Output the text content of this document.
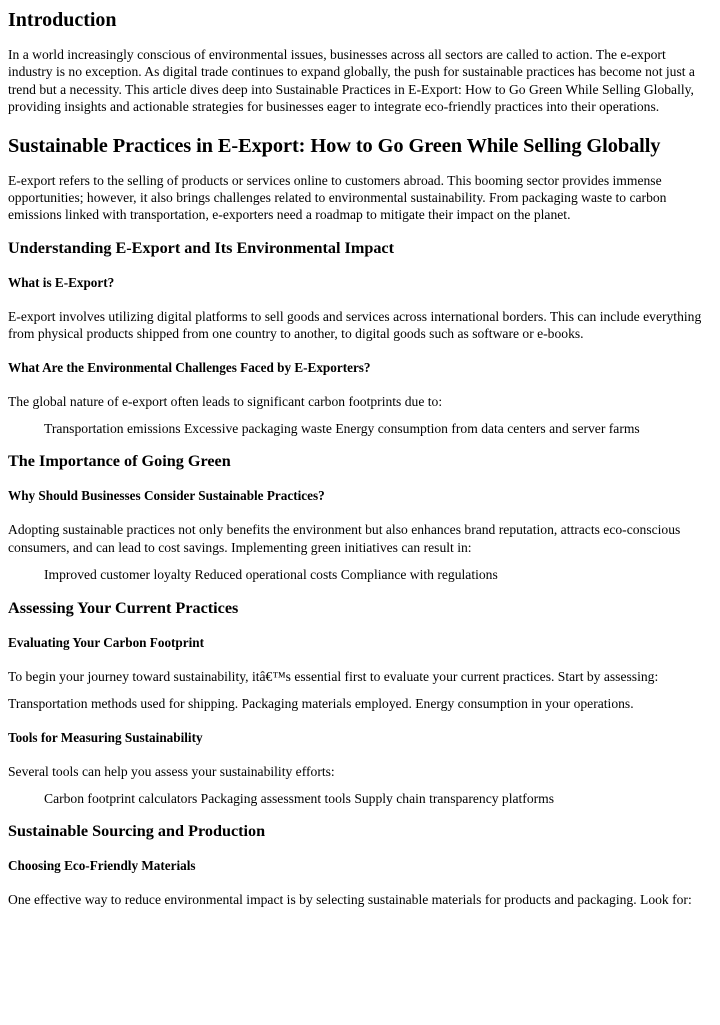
Introduction

In a world increasingly conscious of environmental issues, businesses across all sectors are called to action. The e-export industry is no exception. As digital trade continues to expand globally, the push for sustainable practices has become not just a trend but a necessity. This article dives deep into Sustainable Practices in E-Export: How to Go Green While Selling Globally, providing insights and actionable strategies for businesses eager to integrate eco-friendly practices into their operations.

Sustainable Practices in E-Export: How to Go Green While Selling Globally

E-export refers to the selling of products or services online to customers abroad. This booming sector provides immense opportunities; however, it also brings challenges related to environmental sustainability. From packaging waste to carbon emissions linked with transportation, e-exporters need a roadmap to mitigate their impact on the planet.

Understanding E-Export and Its Environmental Impact
What is E-Export?

E-export involves utilizing digital platforms to sell goods and services across international borders. This can include everything from physical products shipped from one country to another, to digital goods such as software or e-books.

What Are the Environmental Challenges Faced by E-Exporters?

The global nature of e-export often leads to significant carbon footprints due to:

Transportation emissions Excessive packaging waste Energy consumption from data centers and server farms

The Importance of Going Green
Why Should Businesses Consider Sustainable Practices?

Adopting sustainable practices not only benefits the environment but also enhances brand reputation, attracts eco-conscious consumers, and can lead to cost savings. Implementing green initiatives can result in:

Improved customer loyalty Reduced operational costs Compliance with regulations

Assessing Your Current Practices
Evaluating Your Carbon Footprint

To begin your journey toward sustainability, itâ€™s essential first to evaluate your current practices. Start by assessing:

Transportation methods used for shipping. Packaging materials employed. Energy consumption in your operations.

Tools for Measuring Sustainability

Several tools can help you assess your sustainability efforts:

Carbon footprint calculators Packaging assessment tools Supply chain transparency platforms

Sustainable Sourcing and Production
Choosing Eco-Friendly Materials

One effective way to reduce environmental impact is by selecting sustainable materials for products and packaging. Look for:
